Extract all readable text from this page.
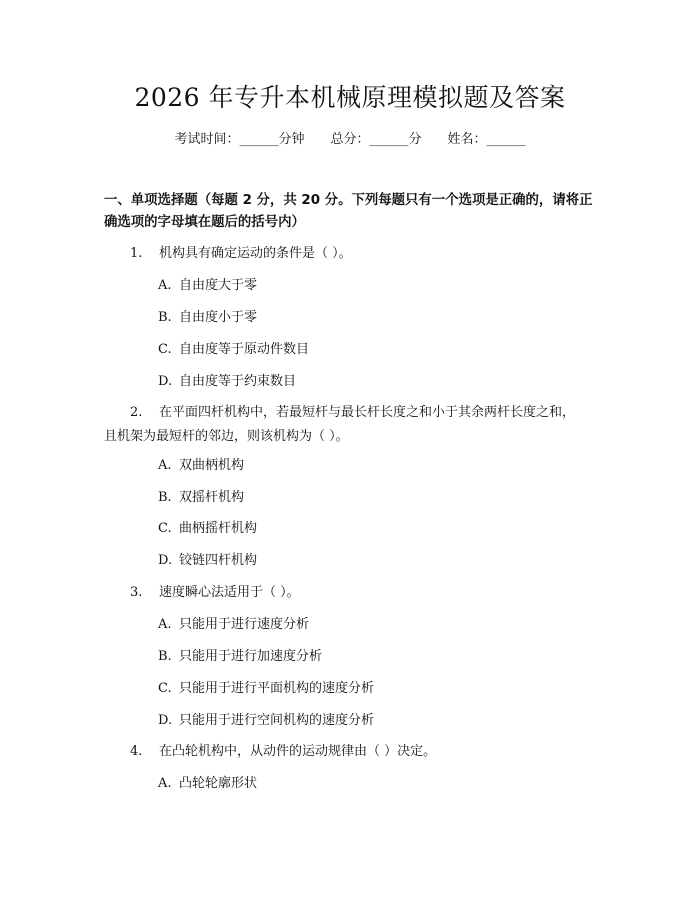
2026 年专升本机械原理模拟题及答案
考试时间：______分钟 总分：______分 姓名：______
一、单项选择题（每题 2 分，共 20 分。下列每题只有一个选项是正确的，请将正
确选项的字母填在题后的括号内）
1. 机构具有确定运动的条件是（ ）。
A. 自由度大于零
B. 自由度小于零
C. 自由度等于原动件数目
D. 自由度等于约束数目
2. 在平面四杆机构中，若最短杆与最长杆长度之和小于其余两杆长度之和，
且机架为最短杆的邻边，则该机构为（ ）。
A. 双曲柄机构
B. 双摇杆机构
C. 曲柄摇杆机构
D. 铰链四杆机构
3. 速度瞬心法适用于（ ）。
A. 只能用于进行速度分析
B. 只能用于进行加速度分析
C. 只能用于进行平面机构的速度分析
D. 只能用于进行空间机构的速度分析
4. 在凸轮机构中，从动件的运动规律由（ ）决定。
A. 凸轮轮廓形状
